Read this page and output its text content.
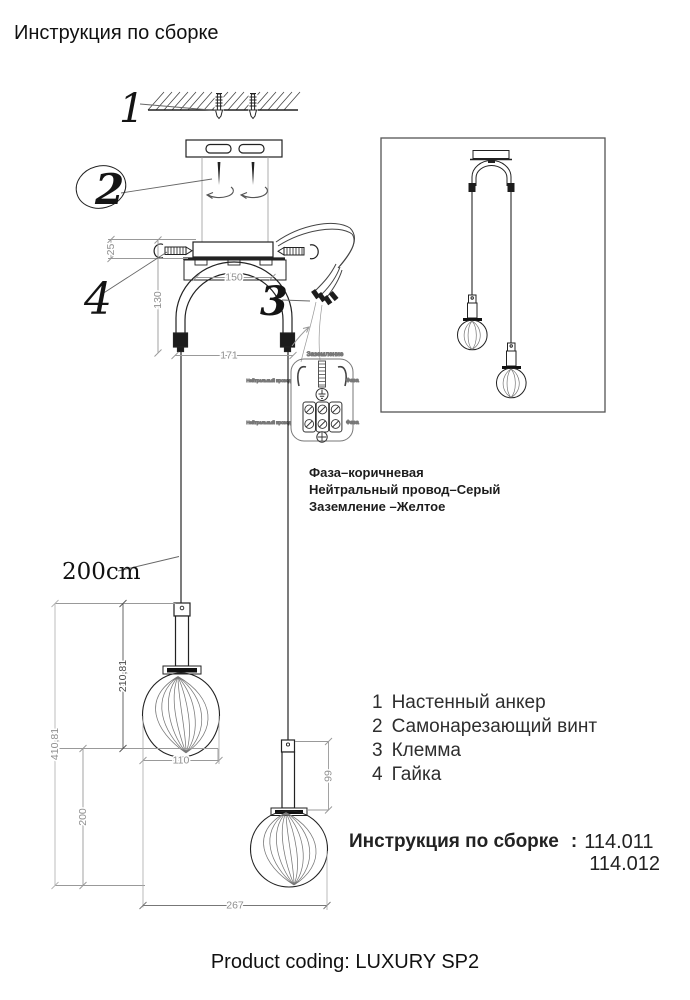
Заземление
Нейтральный провод	Фаза
Нейтральный провод	Фаза
25
130
150
171
410,81
210,81
200
110
267
99
1
2
3
4
Инструкция по сборке
200cm
Фаза–коричневая
Нейтральный провод–Серый
Заземление –Желтое
1 Настенный анкер
2 Самонарезающий винт
3 Клемма
4 Гайка
Инструкция по сборке : 114.011
114.012
Product coding: LUXURY SP2
